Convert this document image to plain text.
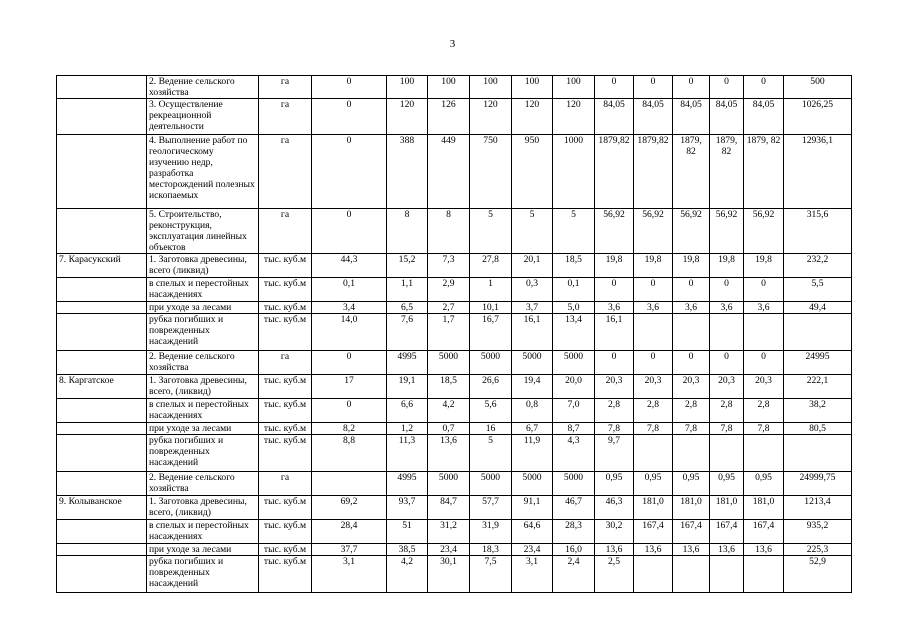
3
	2. Ведение сельского хозяйства	га	0	100	100	100	100	100	0	0	0	0	0	500
	3. Осуществление рекреационной деятельности	га	0	120	126	120	120	120	84,05	84,05	84,05	84,05	84,05	1026,25
	4. Выполнение работ по геологическому изучению недр, разработка месторождений полезных ископаемых	га	0	388	449	750	950	1000	1879,82	1879,82	1879, 82	1879, 82	1879, 82	12936,1
	5. Строительство, реконструкция, эксплуатация линейных объектов	га	0	8	8	5	5	5	56,92	56,92	56,92	56,92	56,92	315,6
7. Карасукский	1. Заготовка древесины, всего (ликвид)	тыс. куб.м	44,3	15,2	7,3	27,8	20,1	18,5	19,8	19,8	19,8	19,8	19,8	232,2
	в спелых и перестойных насаждениях	тыс. куб.м	0,1	1,1	2,9	1	0,3	0,1	0	0	0	0	0	5,5
	при уходе за лесами	тыс. куб.м	3,4	6,5	2,7	10,1	3,7	5,0	3,6	3,6	3,6	3,6	3,6	49,4
	рубка погибших и поврежденных насаждений	тыс. куб.м	14,0	7,6	1,7	16,7	16,1	13,4	16,1					
	2. Ведение сельского хозяйства	га	0	4995	5000	5000	5000	5000	0	0	0	0	0	24995
8. Каргатское	1. Заготовка древесины, всего, (ликвид)	тыс. куб.м	17	19,1	18,5	26,6	19,4	20,0	20,3	20,3	20,3	20,3	20,3	222,1
	в спелых и перестойных насаждениях	тыс. куб.м	0	6,6	4,2	5,6	0,8	7,0	2,8	2,8	2,8	2,8	2,8	38,2
	при уходе за лесами	тыс. куб.м	8,2	1,2	0,7	16	6,7	8,7	7,8	7,8	7,8	7,8	7,8	80,5
	рубка погибших и поврежденных насаждений	тыс. куб.м	8,8	11,3	13,6	5	11,9	4,3	9,7					
	2. Ведение сельского хозяйства	га		4995	5000	5000	5000	5000	0,95	0,95	0,95	0,95	0,95	24999,75
9. Колыванское	1. Заготовка древесины, всего, (ликвид)	тыс. куб.м	69,2	93,7	84,7	57,7	91,1	46,7	46,3	181,0	181,0	181,0	181,0	1213,4
	в спелых и перестойных насаждениях	тыс. куб.м	28,4	51	31,2	31,9	64,6	28,3	30,2	167,4	167,4	167,4	167,4	935,2
	при уходе за лесами	тыс. куб.м	37,7	38,5	23,4	18,3	23,4	16,0	13,6	13,6	13,6	13,6	13,6	225,3
	рубка погибших и поврежденных насаждений	тыс. куб.м	3,1	4,2	30,1	7,5	3,1	2,4	2,5					52,9
